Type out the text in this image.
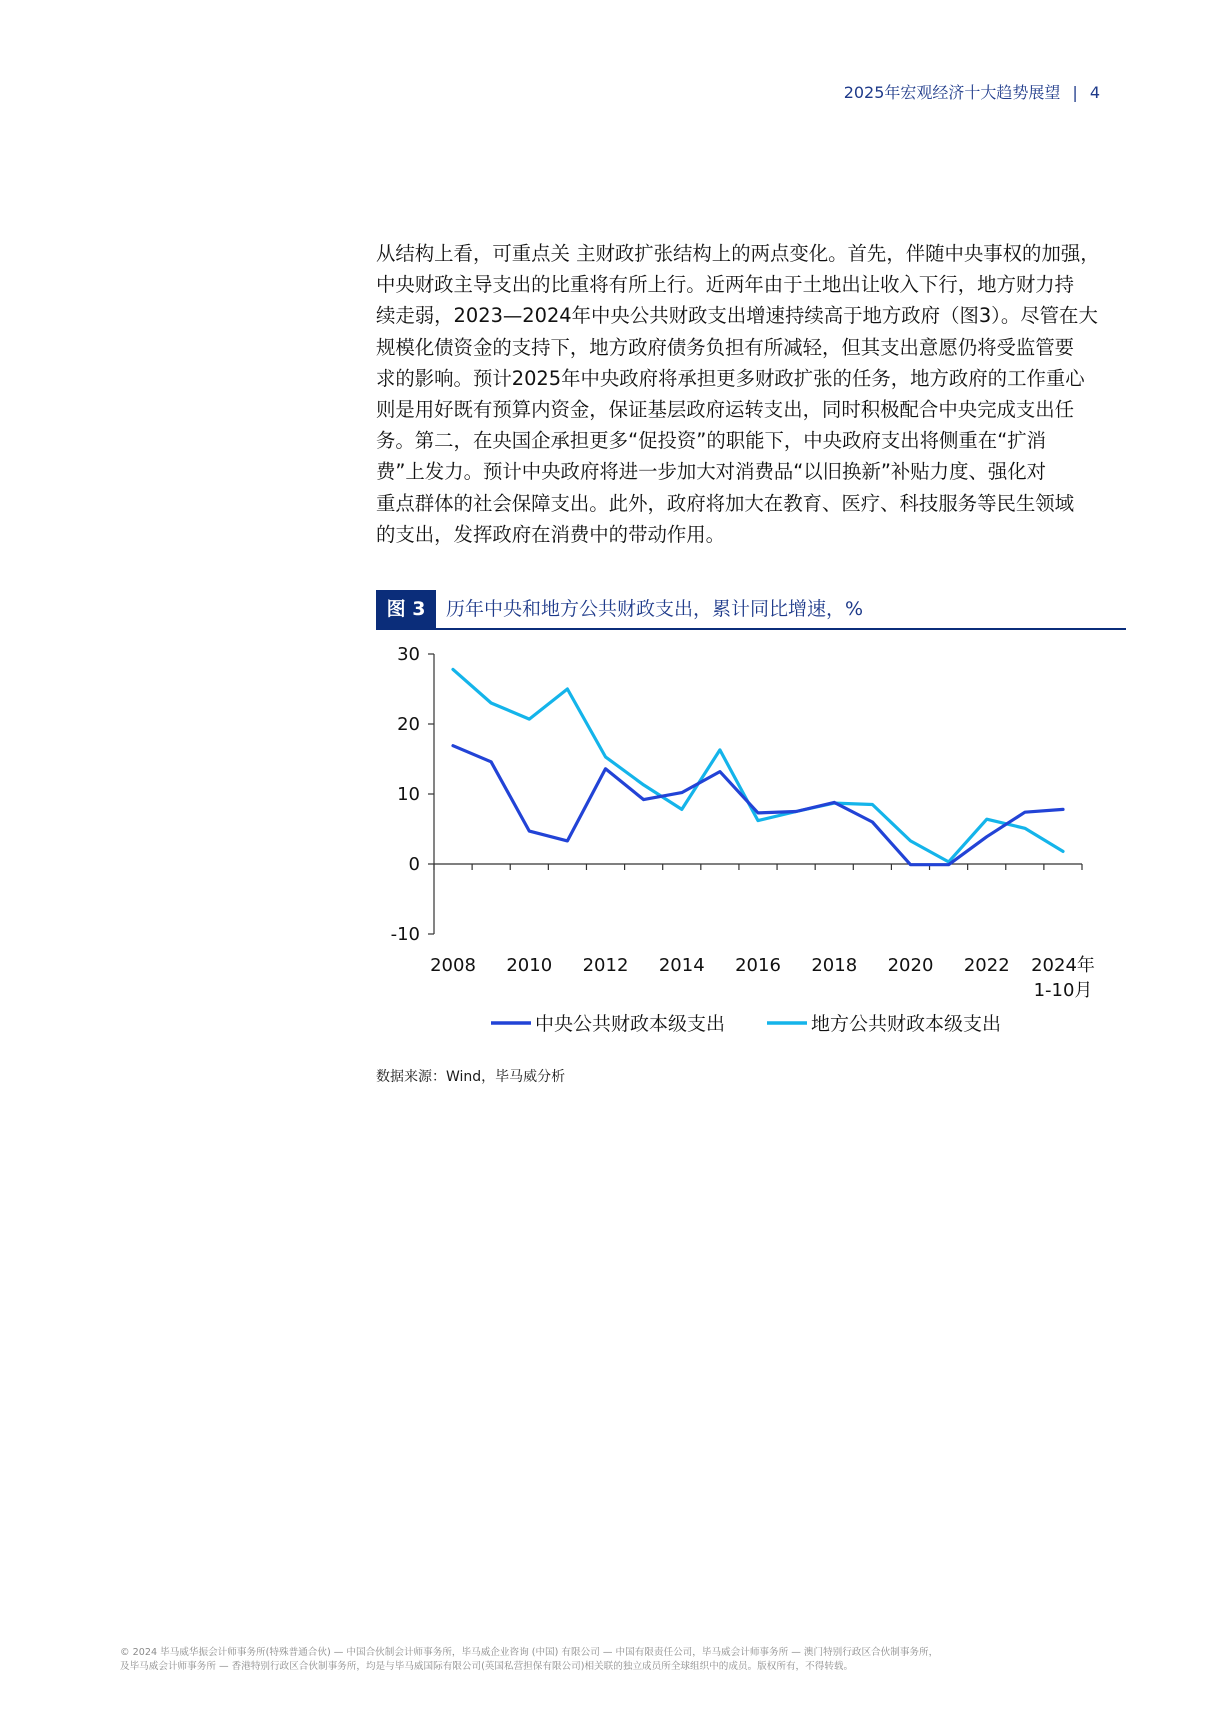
2025年宏观经济十大趋势展望 | 4

从结构上看，可重点关 主财政扩张结构上的两点变化。首先，伴随中央事权的加强，

中央财政主导支出的比重将有所上行。近两年由于土地出让收入下行，地方财力持

续走弱，2023—2024年中央公共财政支出增速持续高于地方政府（图3）。尽管在大

规模化债资金的支持下，地方政府债务负担有所减轻，但其支出意愿仍将受监管要

求的影响。预计2025年中央政府将承担更多财政扩张的任务，地方政府的工作重心

则是用好既有预算内资金，保证基层政府运转支出，同时积极配合中央完成支出任

务。第二，在央国企承担更多“促投资”的职能下，中央政府支出将侧重在“扩消

费”上发力。预计中央政府将进一步加大对消费品“以旧换新”补贴力度、强化对

重点群体的社会保障支出。此外，政府将加大在教育、医疗、科技服务等民生领域

的支出，发挥政府在消费中的带动作用。

图 3	历年中央和地方公共财政支出，累计同比增速，%
-10
0
10
20
30
2008 2010 2012 2014 2016 2018 2020 2022 2024年
1-10月
中央公共财政本级支出	地方公共财政本级支出
数据来源：Wind，毕马威分析

© 2024 毕马威华振会计师事务所(特殊普通合伙) — 中国合伙制会计师事务所，毕马威企业咨询 (中国) 有限公司 — 中国有限责任公司，毕马威会计师事务所 — 澳门特别行政区合伙制事务所，

及毕马威会计师事务所 — 香港特别行政区合伙制事务所，均是与毕马威国际有限公司(英国私营担保有限公司)相关联的独立成员所全球组织中的成员。版权所有，不得转载。
